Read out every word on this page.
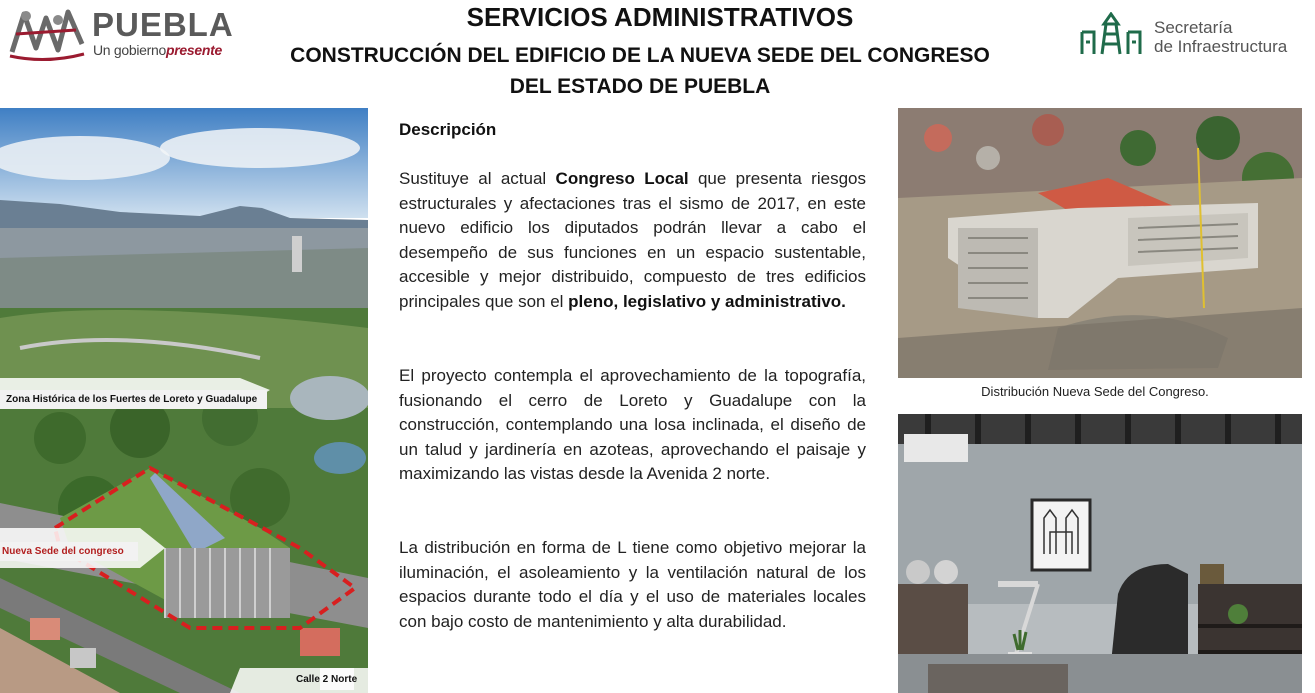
PUEBLA
Un gobiernopresente
SERVICIOS ADMINISTRATIVOS
CONSTRUCCIÓN DEL EDIFICIO DE LA NUEVA SEDE DEL CONGRESO
DEL ESTADO DE PUEBLA
Secretaría
de Infraestructura
Zona Histórica de los Fuertes de Loreto y Guadalupe
Nueva Sede del congreso
Calle 2 Norte
Descripción
Sustituye al actual Congreso Local que presenta riesgos estructurales y afectaciones tras el sismo de 2017, en este nuevo edificio los diputados podrán llevar a cabo el desempeño de sus funciones en un espacio sustentable, accesible y mejor distribuido, compuesto de tres edificios principales que son el pleno, legislativo y administrativo.
El proyecto contempla el aprovechamiento de la topografía, fusionando el cerro de Loreto y Guadalupe con la construcción, contemplando una losa inclinada, el diseño de un talud y jardinería en azoteas, aprovechando el paisaje y maximizando las vistas desde la Avenida 2 norte.
La distribución en forma de L tiene como objetivo mejorar la iluminación, el asoleamiento y la ventilación natural de los espacios durante todo el día y el uso de materiales locales con bajo costo de mantenimiento y alta durabilidad.
Distribución Nueva Sede del Congreso.
